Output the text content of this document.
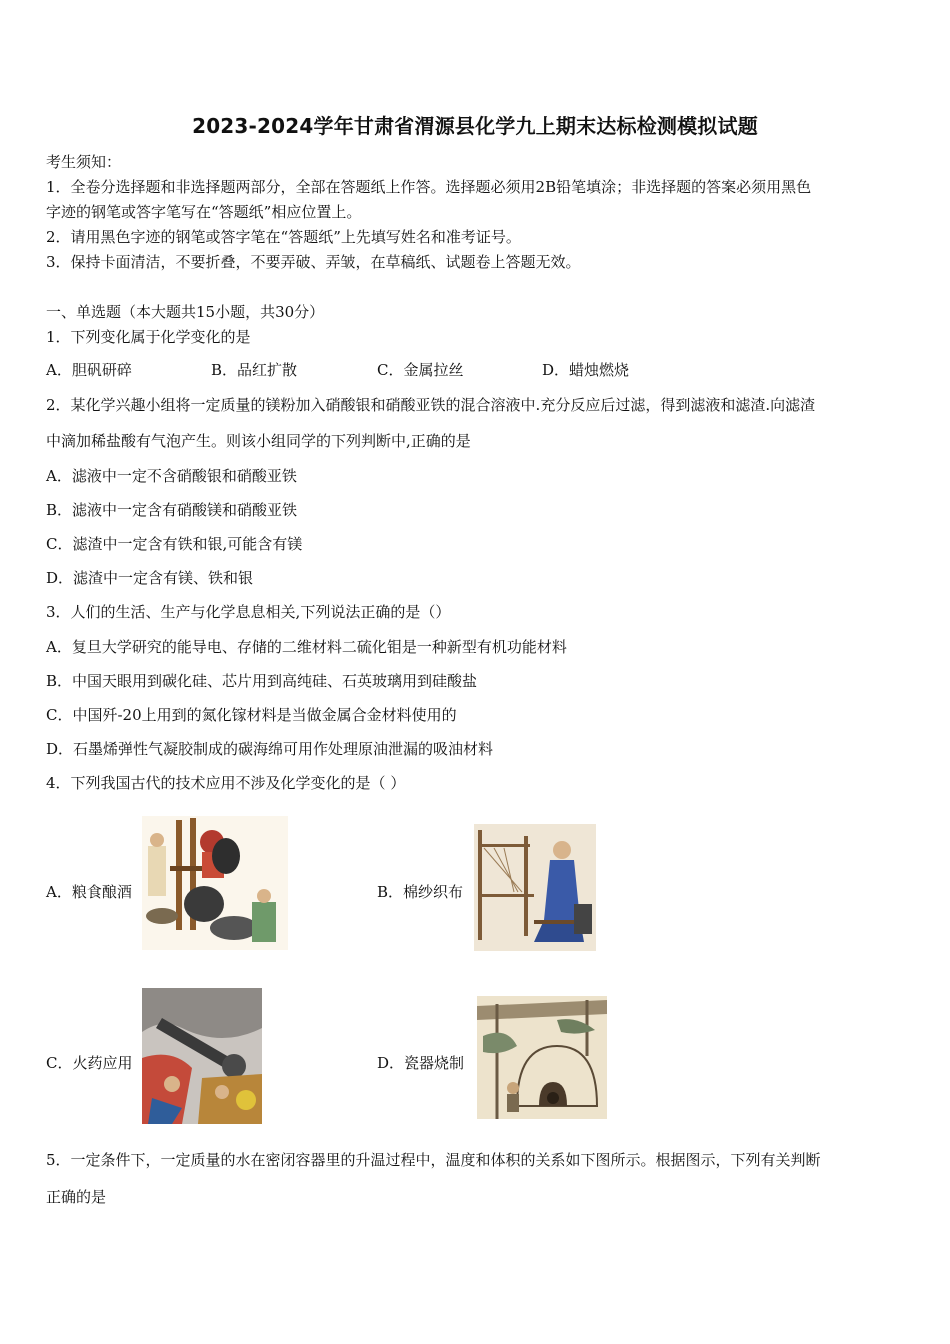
2023-2024学年甘肃省渭源县化学九上期末达标检测模拟试题
考生须知：
1．全卷分选择题和非选择题两部分，全部在答题纸上作答。选择题必须用2B铅笔填涂；非选择题的答案必须用黑色
字迹的钢笔或答字笔写在“答题纸”相应位置上。
2．请用黑色字迹的钢笔或答字笔在“答题纸”上先填写姓名和准考证号。
3．保持卡面清洁，不要折叠，不要弄破、弄皱，在草稿纸、试题卷上答题无效。
一、单选题（本大题共15小题，共30分）
1．下列变化属于化学变化的是
A．胆矾研碎	B．品红扩散	C．金属拉丝	D．蜡烛燃烧
2．某化学兴趣小组将一定质量的镁粉加入硝酸银和硝酸亚铁的混合溶液中.充分反应后过滤，得到滤液和滤渣.向滤渣
中滴加稀盐酸有气泡产生。则该小组同学的下列判断中,正确的是
A．滤液中一定不含硝酸银和硝酸亚铁
B．滤液中一定含有硝酸镁和硝酸亚铁
C．滤渣中一定含有铁和银,可能含有镁
D．滤渣中一定含有镁、铁和银
3．人们的生活、生产与化学息息相关,下列说法正确的是（）
A．复旦大学研究的能导电、存储的二维材料二硫化钼是一种新型有机功能材料
B．中国天眼用到碳化硅、芯片用到高纯硅、石英玻璃用到硅酸盐
C．中国歼-20上用到的氮化镓材料是当做金属合金材料使用的
D．石墨烯弹性气凝胶制成的碳海绵可用作处理原油泄漏的吸油材料
4．下列我国古代的技术应用不涉及化学变化的是（ ）
A．粮食酿酒	B．棉纱织布
C．火药应用	D．瓷器烧制
5．一定条件下，一定质量的水在密闭容器里的升温过程中，温度和体积的关系如下图所示。根据图示，下列有关判断
正确的是
